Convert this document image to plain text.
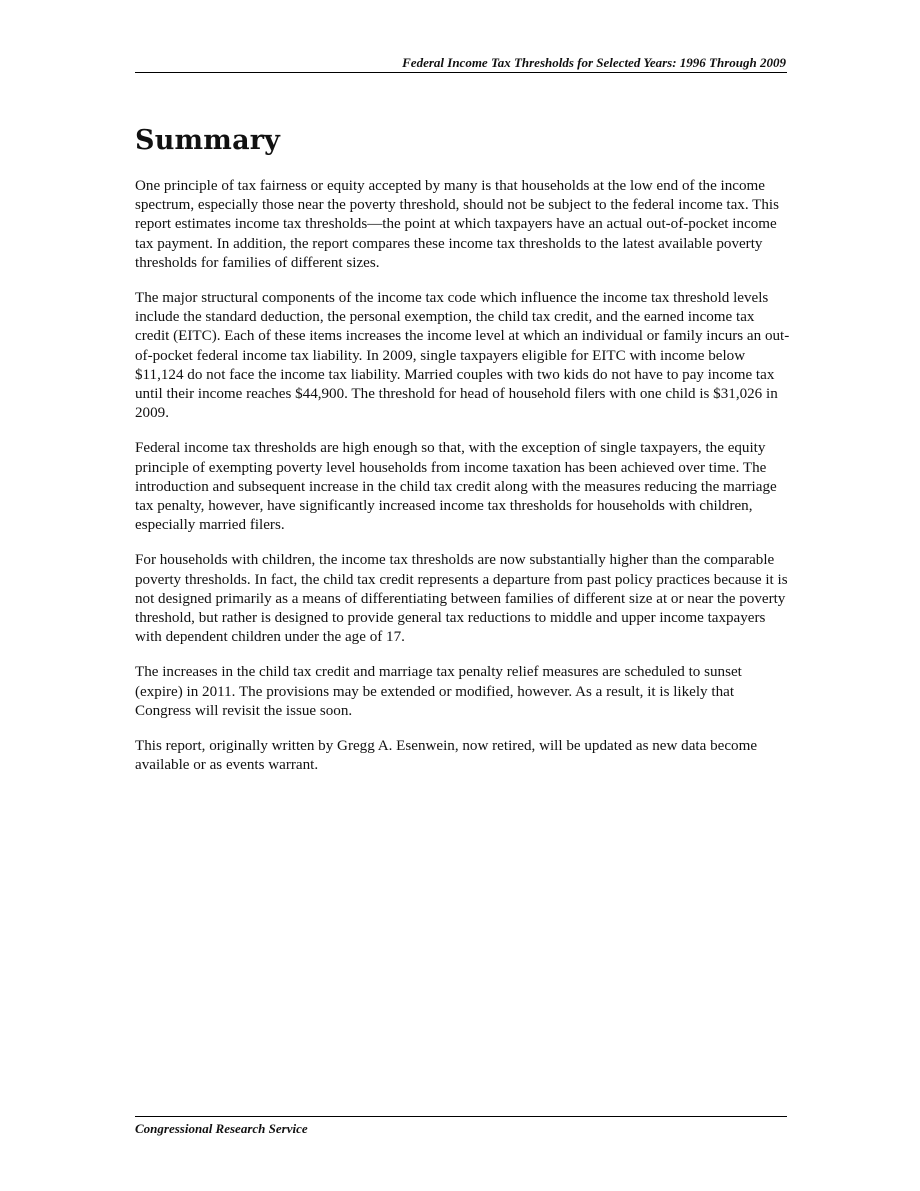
Federal Income Tax Thresholds for Selected Years: 1996 Through 2009
Summary

One principle of tax fairness or equity accepted by many is that households at the low end of the income spectrum, especially those near the poverty threshold, should not be subject to the federal income tax. This report estimates income tax thresholds—the point at which taxpayers have an actual out-of-pocket income tax payment. In addition, the report compares these income tax thresholds to the latest available poverty thresholds for families of different sizes.

The major structural components of the income tax code which influence the income tax threshold levels include the standard deduction, the personal exemption, the child tax credit, and the earned income tax credit (EITC). Each of these items increases the income level at which an individual or family incurs an out-of-pocket federal income tax liability. In 2009, single taxpayers eligible for EITC with income below $11,124 do not face the income tax liability. Married couples with two kids do not have to pay income tax until their income reaches $44,900. The threshold for head of household filers with one child is $31,026 in 2009.

Federal income tax thresholds are high enough so that, with the exception of single taxpayers, the equity principle of exempting poverty level households from income taxation has been achieved over time. The introduction and subsequent increase in the child tax credit along with the measures reducing the marriage tax penalty, however, have significantly increased income tax thresholds for households with children, especially married filers.

For households with children, the income tax thresholds are now substantially higher than the comparable poverty thresholds. In fact, the child tax credit represents a departure from past policy practices because it is not designed primarily as a means of differentiating between families of different size at or near the poverty threshold, but rather is designed to provide general tax reductions to middle and upper income taxpayers with dependent children under the age of 17.

The increases in the child tax credit and marriage tax penalty relief measures are scheduled to sunset (expire) in 2011. The provisions may be extended or modified, however. As a result, it is likely that Congress will revisit the issue soon.

This report, originally written by Gregg A. Esenwein, now retired, will be updated as new data become available or as events warrant.

Congressional Research Service
